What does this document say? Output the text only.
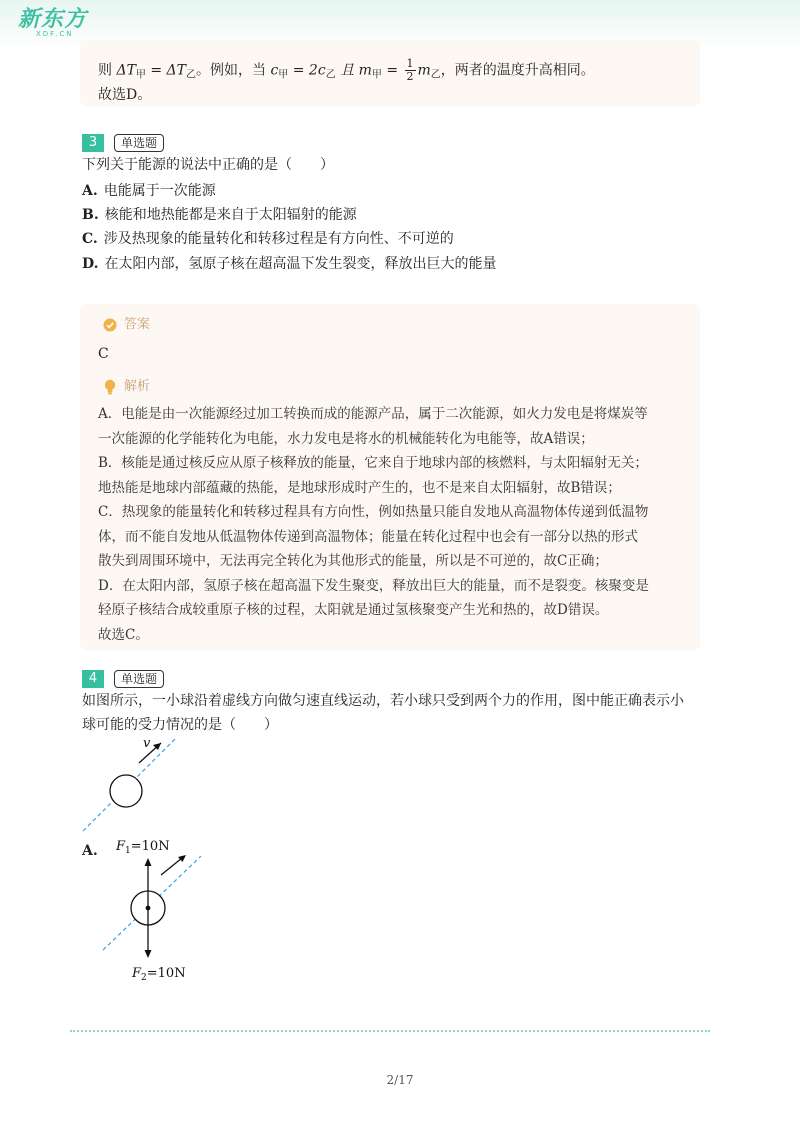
新东方
XDF.CN
则 $\Delta T_甲 = \Delta T_乙$。例如，当 $c_甲 = 2c_乙$ 且 $m_甲 = \frac{1}{2} m_乙$，两者的温度升高相同。
故选D。
3	单选题
下列关于能源的说法中正确的是（　　）
A. 电能属于一次能源
B. 核能和地热能都是来自于太阳辐射的能源
C. 涉及热现象的能量转化和转移过程是有方向性、不可逆的
D. 在太阳内部，氢原子核在超高温下发生裂变，释放出巨大的能量
答案
C
解析
A．电能是由一次能源经过加工转换而成的能源产品，属于二次能源，如火力发电是将煤炭等
一次能源的化学能转化为电能，水力发电是将水的机械能转化为电能等，故A错误；
B．核能是通过核反应从原子核释放的能量，它来自于地球内部的核燃料，与太阳辐射无关；
地热能是地球内部蕴藏的热能，是地球形成时产生的，也不是来自太阳辐射，故B错误；
C．热现象的能量转化和转移过程具有方向性，例如热量只能自发地从高温物体传递到低温物
体，而不能自发地从低温物体传递到高温物体；能量在转化过程中也会有一部分以热的形式
散失到周围环境中，无法再完全转化为其他形式的能量，所以是不可逆的，故C正确；
D．在太阳内部，氢原子核在超高温下发生聚变，释放出巨大的能量，而不是裂变。核聚变是
轻原子核结合成较重原子核的过程，太阳就是通过氢核聚变产生光和热的，故D错误。
故选C。
4	单选题
如图所示，一小球沿着虚线方向做匀速直线运动，若小球只受到两个力的作用，图中能正确表示小
球可能的受力情况的是（　　）
v
A.	$F_1=10N$
$F_2=10N$
2/17
